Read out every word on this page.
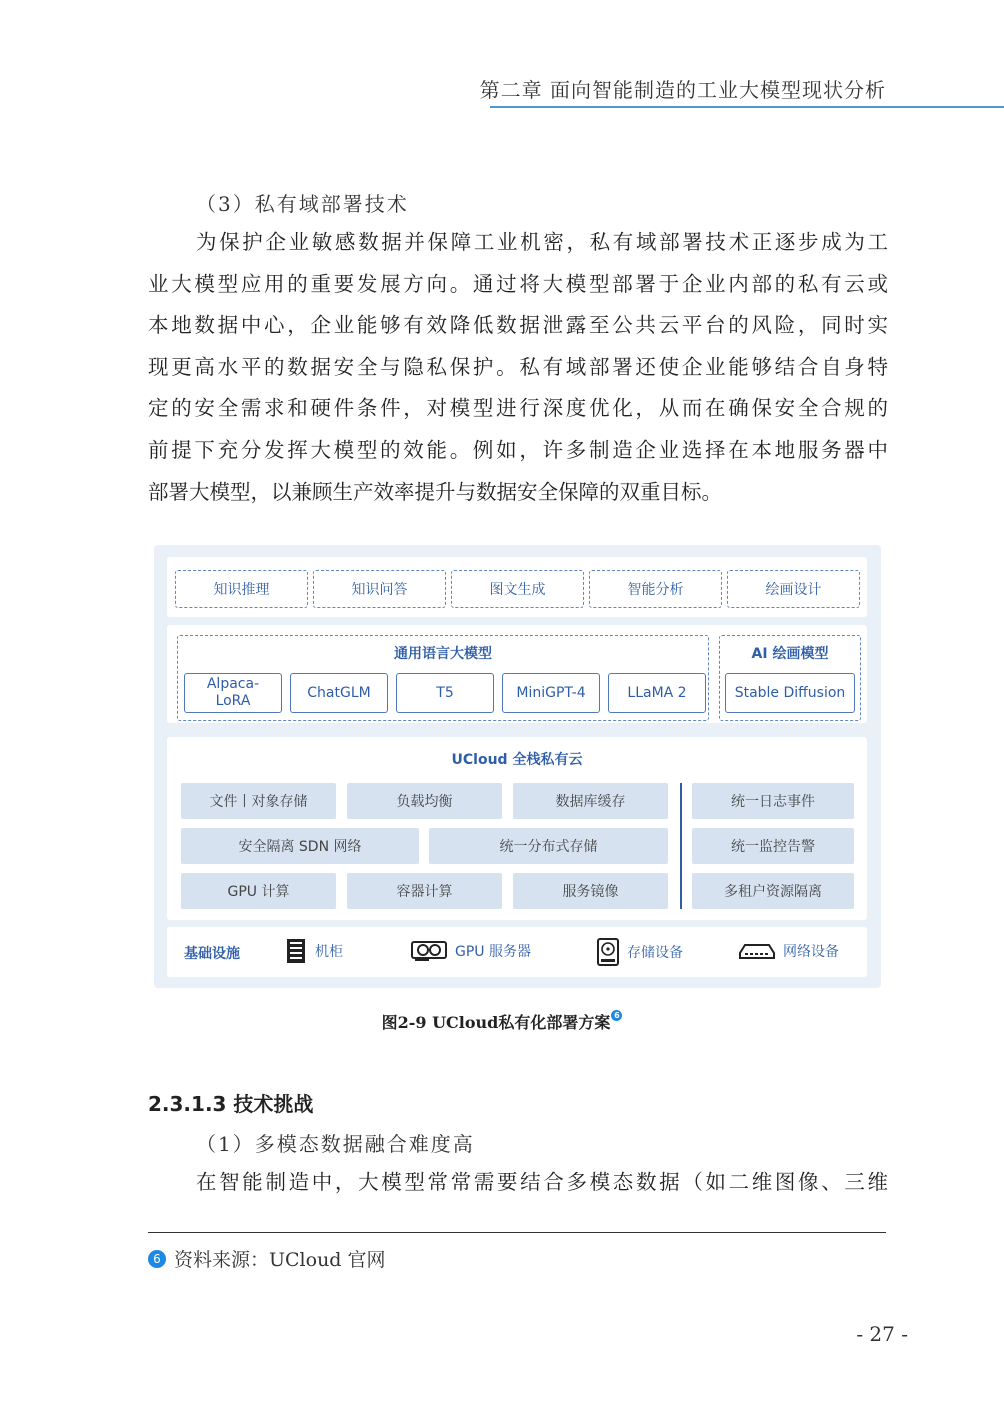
第二章 面向智能制造的工业大模型现状分析
（3）私有域部署技术
为保护企业敏感数据并保障工业机密，私有域部署技术正逐步成为工
业大模型应用的重要发展方向。通过将大模型部署于企业内部的私有云或
本地数据中心，企业能够有效降低数据泄露至公共云平台的风险，同时实
现更高水平的数据安全与隐私保护。私有域部署还使企业能够结合自身特
定的安全需求和硬件条件，对模型进行深度优化，从而在确保安全合规的
前提下充分发挥大模型的效能。例如，许多制造企业选择在本地服务器中
部署大模型，以兼顾生产效率提升与数据安全保障的双重目标。
知识推理	知识问答	图文生成	智能分析	绘画设计
通用语言大模型
Alpaca-
LoRA
ChatGLM	T5	MiniGPT-4	LLaMA 2
AI 绘画模型
Stable Diffusion
UCloud 全栈私有云
文件丨对象存储	负载均衡	数据库缓存
安全隔离 SDN 网络	统一分布式存储
GPU 计算	容器计算	服务镜像
统一日志事件
统一监控告警
多租户资源隔离
基础设施	机柜	GPU 服务器	存储设备	网络设备
图2-9 UCloud私有化部署方案 6
2.3.1.3 技术挑战
（1）多模态数据融合难度高
在智能制造中，大模型常常需要结合多模态数据（如二维图像、三维
6 资料来源：UCloud 官网
- 27 -
